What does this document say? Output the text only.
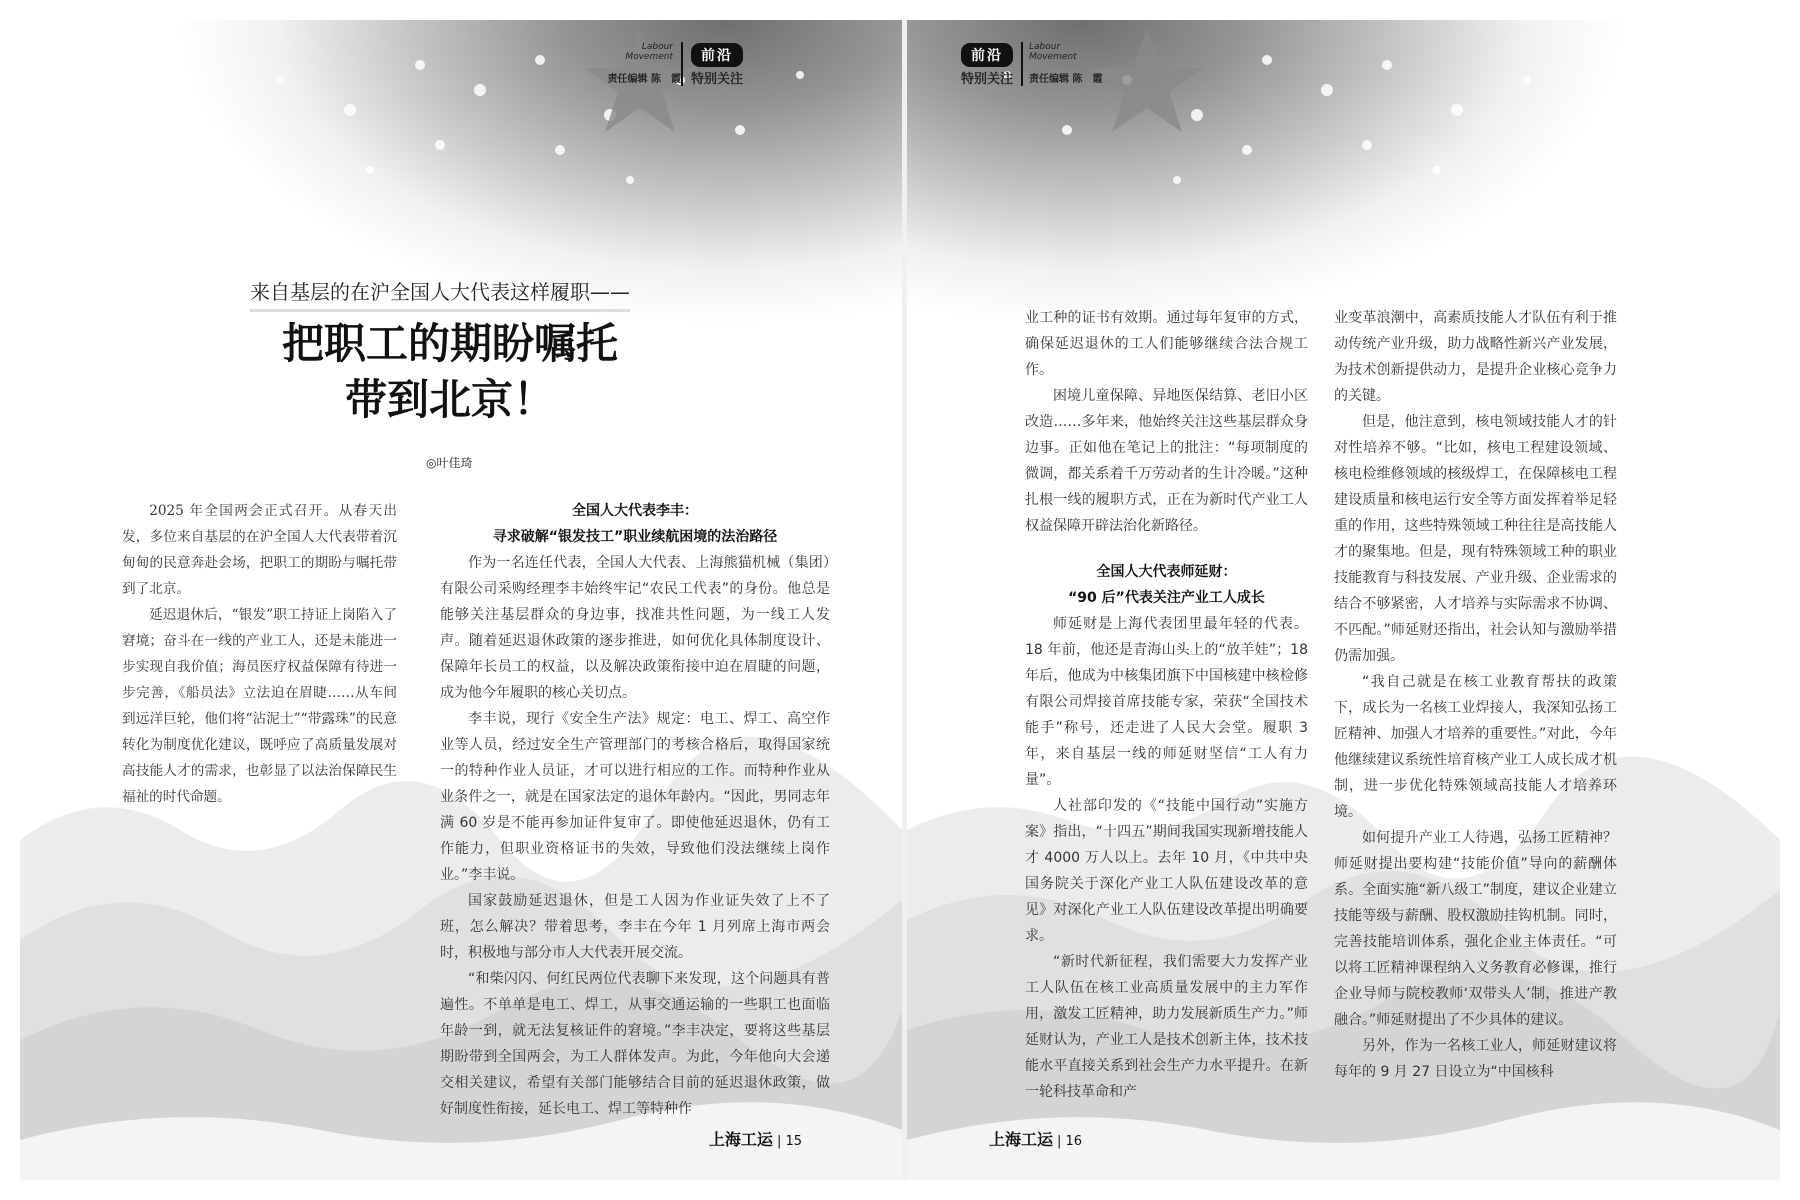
Labour Movement	前沿
责任编辑 陈　霞 特别关注
来自基层的在沪全国人大代表这样履职——
把职工的期盼嘱托
带到北京！
◎叶佳琦

2025 年全国两会正式召开。从春天出发，多位来自基层的在沪全国人大代表带着沉甸甸的民意奔赴会场，把职工的期盼与嘱托带到了北京。

延迟退休后，“银发”职工持证上岗陷入了窘境；奋斗在一线的产业工人，还是未能进一步实现自我价值；海员医疗权益保障有待进一步完善，《船员法》立法迫在眉睫……从车间到远洋巨轮，他们将“沾泥土”“带露珠”的民意转化为制度优化建议，既呼应了高质量发展对高技能人才的需求，也彰显了以法治保障民生福祉的时代命题。

全国人大代表李丰：
寻求破解“银发技工”职业续航困境的法治路径

作为一名连任代表，全国人大代表、上海熊猫机械（集团）有限公司采购经理李丰始终牢记“农民工代表”的身份。他总是能够关注基层群众的身边事，找准共性问题，为一线工人发声。随着延迟退休政策的逐步推进，如何优化具体制度设计、保障年长员工的权益，以及解决政策衔接中迫在眉睫的问题，成为他今年履职的核心关切点。

李丰说，现行《安全生产法》规定：电工、焊工、高空作业等人员，经过安全生产管理部门的考核合格后，取得国家统一的特种作业人员证，才可以进行相应的工作。而特种作业从业条件之一，就是在国家法定的退休年龄内。“因此，男同志年满 60 岁是不能再参加证件复审了。即使他延迟退休，仍有工作能力，但职业资格证书的失效，导致他们没法继续上岗作业。”李丰说。

国家鼓励延迟退休，但是工人因为作业证失效了上不了班，怎么解决？带着思考，李丰在今年 1 月列席上海市两会时，积极地与部分市人大代表开展交流。

“和柴闪闪、何红民两位代表聊下来发现，这个问题具有普遍性。不单单是电工、焊工，从事交通运输的一些职工也面临年龄一到，就无法复核证件的窘境。”李丰决定，要将这些基层期盼带到全国两会，为工人群体发声。为此，今年他向大会递交相关建议，希望有关部门能够结合目前的延迟退休政策，做好制度性衔接，延长电工、焊工等特种作

上海工运 | 15
前沿
特别关注
Labour Movement
责任编辑 陈　霞

业工种的证书有效期。通过每年复审的方式，确保延迟退休的工人们能够继续合法合规工作。

困境儿童保障、异地医保结算、老旧小区改造……多年来，他始终关注这些基层群众身边事。正如他在笔记上的批注：“每项制度的微调，都关系着千万劳动者的生计冷暖。”这种扎根一线的履职方式，正在为新时代产业工人权益保障开辟法治化新路径。

全国人大代表师延财：
“90 后”代表关注产业工人成长

师延财是上海代表团里最年轻的代表。18 年前，他还是青海山头上的“放羊娃”；18 年后，他成为中核集团旗下中国核建中核检修有限公司焊接首席技能专家，荣获“全国技术能手”称号，还走进了人民大会堂。履职 3 年，来自基层一线的师延财坚信“工人有力量”。

人社部印发的《“技能中国行动”实施方案》指出，“十四五”期间我国实现新增技能人才 4000 万人以上。去年 10 月，《中共中央国务院关于深化产业工人队伍建设改革的意见》对深化产业工人队伍建设改革提出明确要求。

“新时代新征程，我们需要大力发挥产业工人队伍在核工业高质量发展中的主力军作用，激发工匠精神，助力发展新质生产力。”师延财认为，产业工人是技术创新主体，技术技能水平直接关系到社会生产力水平提升。在新一轮科技革命和产

业变革浪潮中，高素质技能人才队伍有利于推动传统产业升级，助力战略性新兴产业发展，为技术创新提供动力，是提升企业核心竞争力的关键。

但是，他注意到，核电领域技能人才的针对性培养不够。“比如，核电工程建设领域、核电检维修领域的核级焊工，在保障核电工程建设质量和核电运行安全等方面发挥着举足轻重的作用，这些特殊领域工种往往是高技能人才的聚集地。但是，现有特殊领域工种的职业技能教育与科技发展、产业升级、企业需求的结合不够紧密，人才培养与实际需求不协调、不匹配。”师延财还指出，社会认知与激励举措仍需加强。

“我自己就是在核工业教育帮扶的政策下，成长为一名核工业焊接人，我深知弘扬工匠精神、加强人才培养的重要性。”对此，今年他继续建议系统性培育核产业工人成长成才机制，进一步优化特殊领域高技能人才培养环境。

如何提升产业工人待遇，弘扬工匠精神？师延财提出要构建“技能价值”导向的薪酬体系。全面实施“新八级工”制度，建议企业建立技能等级与薪酬、股权激励挂钩机制。同时，完善技能培训体系，强化企业主体责任。“可以将工匠精神课程纳入义务教育必修课，推行企业导师与院校教师‘双带头人’制，推进产教融合。”师延财提出了不少具体的建议。

另外，作为一名核工业人，师延财建议将每年的 9 月 27 日设立为“中国核科

上海工运 | 16
